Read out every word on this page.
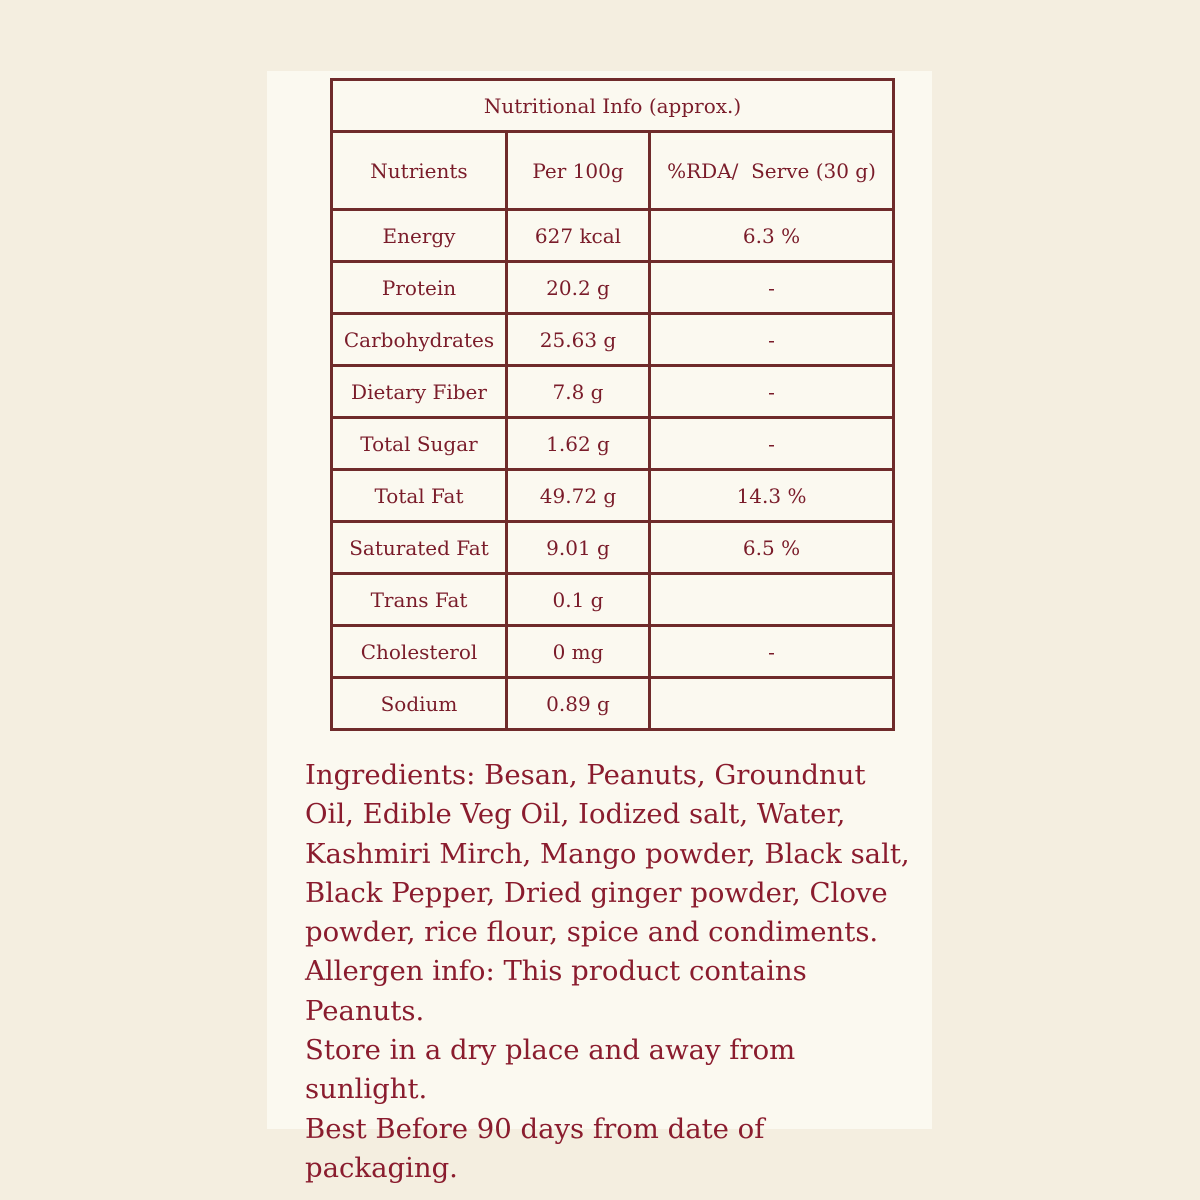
Nutritional Info (approx.)		
Nutrients	Per 100g	%RDA/  Serve (30 g)
Energy	627 kcal	6.3 %
Protein	20.2 g	-
Carbohydrates	25.63 g	-
Dietary Fiber	7.8 g	-
Total Sugar	1.62 g	-
Total Fat	49.72 g	14.3 %
Saturated Fat	9.01 g	6.5 %
Trans Fat	0.1 g	
Cholesterol	0 mg	-
Sodium	0.89 g	

Ingredients: Besan, Peanuts, Groundnut Oil, Edible Veg Oil, Iodized salt, Water, Kashmiri Mirch, Mango powder, Black salt, Black Pepper, Dried ginger powder, Clove powder, rice flour, spice and condiments.

Allergen info: This product contains Peanuts.

Store in a dry place and away from sunlight.

Best Before 90 days from date of packaging.
